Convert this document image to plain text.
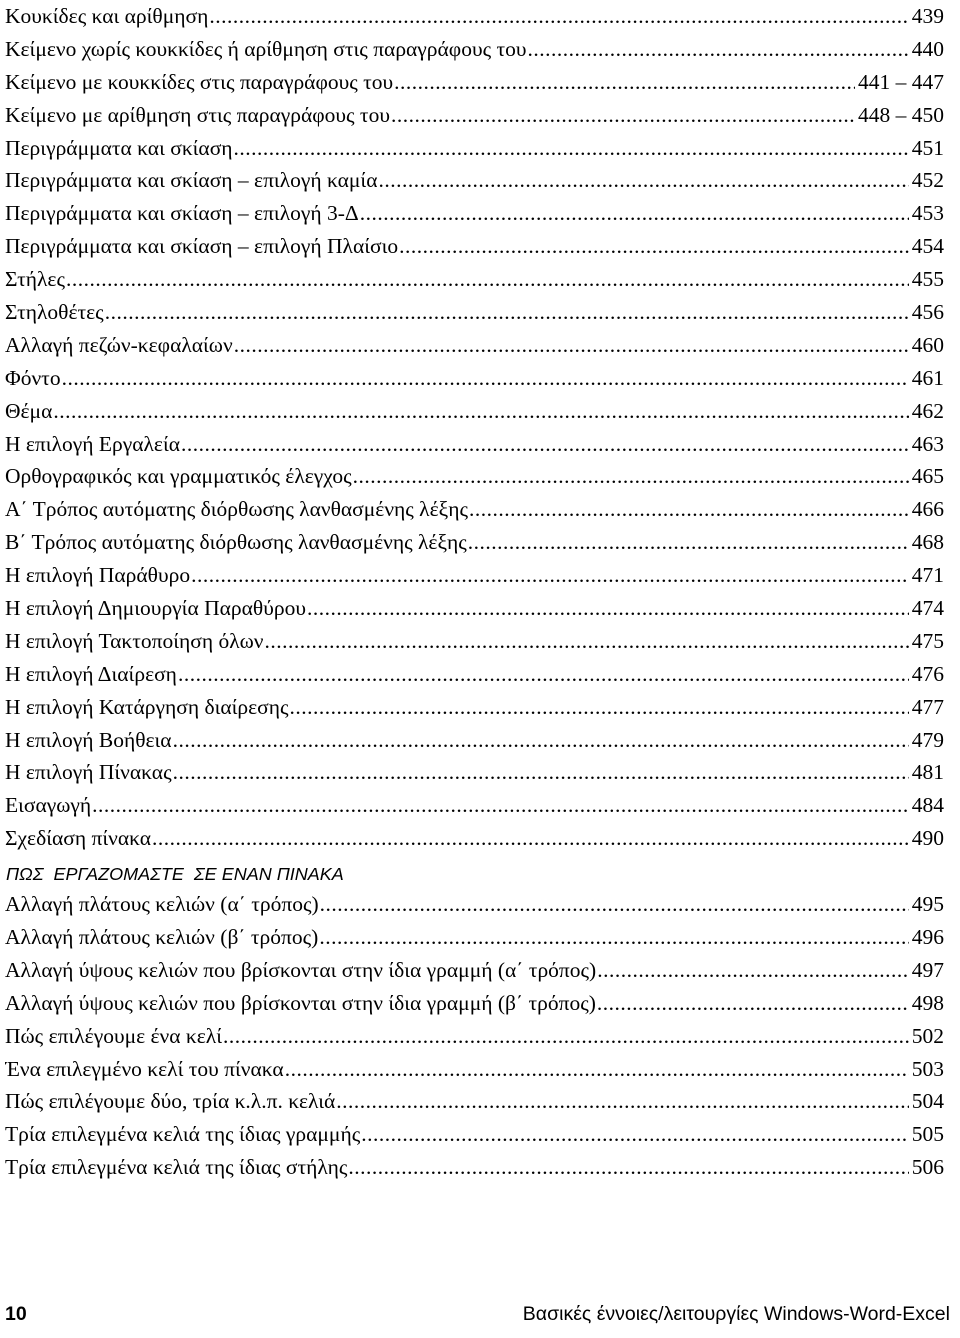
Κουκίδες και αρίθμηση .....	439
Κείμενο χωρίς κουκκίδες ή αρίθμηση στις παραγράφους του .....	440
Κείμενο με κουκκίδες στις παραγράφους του .....	441 – 447
Κείμενο με αρίθμηση στις παραγράφους του .....	448 – 450
Περιγράμματα και σκίαση .....	451
Περιγράμματα και σκίαση – επιλογή καμία .....	452
Περιγράμματα και σκίαση – επιλογή 3-Δ .....	453
Περιγράμματα και σκίαση – επιλογή Πλαίσιο .....	454
Στήλες .....	455
Στηλοθέτες .....	456
Αλλαγή πεζών-κεφαλαίων .....	460
Φόντο .....	461
Θέμα .....	462
Η επιλογή Εργαλεία .....	463
Ορθογραφικός και γραμματικός έλεγχος .....	465
Α΄ Τρόπος αυτόματης διόρθωσης λανθασμένης λέξης .....	466
Β΄ Τρόπος αυτόματης διόρθωσης λανθασμένης λέξης .....	468
Η επιλογή Παράθυρο .....	471
Η επιλογή Δημιουργία Παραθύρου .....	474
Η επιλογή Τακτοποίηση όλων .....	475
Η επιλογή Διαίρεση .....	476
Η επιλογή Κατάργηση διαίρεσης .....	477
Η επιλογή Βοήθεια .....	479
Η επιλογή Πίνακας .....	481
Εισαγωγή .....	484
Σχεδίαση πίνακα .....	490
ΠΩΣ  ΕΡΓΑΖΟΜΑΣΤΕ  ΣΕ ΕΝΑΝ ΠΙΝΑΚΑ
Αλλαγή πλάτους κελιών (α΄ τρόπος) .....	495
Αλλαγή πλάτους κελιών (β΄ τρόπος) .....	496
Αλλαγή ύψους κελιών που βρίσκονται στην ίδια γραμμή (α΄ τρόπος) .....	497
Αλλαγή ύψους κελιών που βρίσκονται στην ίδια γραμμή (β΄ τρόπος) .....	498
Πώς επιλέγουμε ένα κελί .....	502
Ένα επιλεγμένο κελί του πίνακα .....	503
Πώς επιλέγουμε δύο, τρία κ.λ.π. κελιά .....	504
Τρία επιλεγμένα κελιά της ίδιας γραμμής .....	505
Τρία επιλεγμένα κελιά της ίδιας στήλης .....	506
10	Βασικές έννοιες/λειτουργίες Windows-Word-Excel
